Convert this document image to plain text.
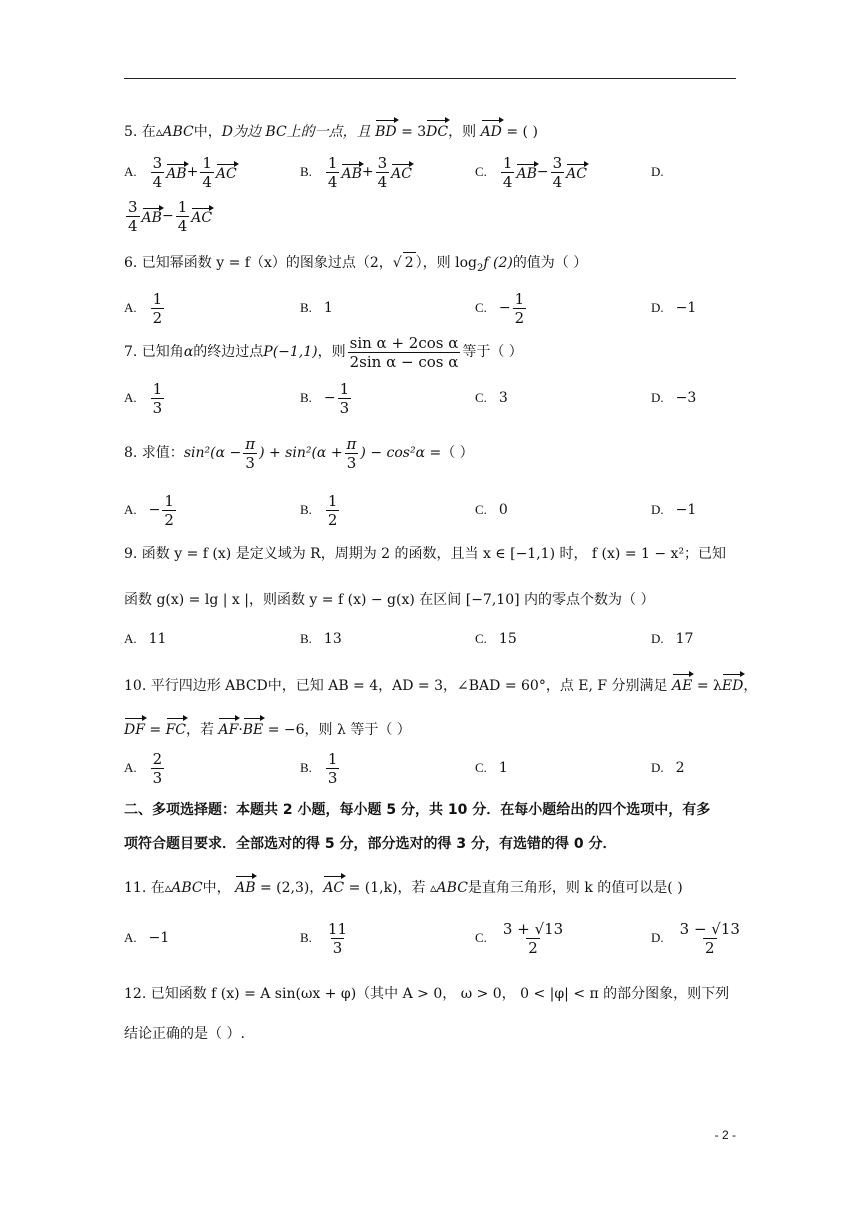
5. 在▵ABC中，D为边 BC上的一点，且 BD = 3DC，则 AD = ( )
A. $\frac{3}{4}$ AB + $\frac{1}{4}$ AC	B. $\frac{1}{4}$ AB + $\frac{3}{4}$ AC	C. $\frac{1}{4}$ AB − $\frac{3}{4}$ AC	D.
$\frac{3}{4}$ AB − $\frac{1}{4}$ AC
6. 已知幂函数 y = f（x）的图象过点（2，√ 2 ），则 $\log_2f$ (2)的值为（ ）
A. $\frac{1}{2}$	B. 1	C. − $\frac{1}{2}$	D. −1
7. 已知角 α 的终边过点 P(−1,1) ，则 $\frac{\text{sin α + 2cos α}}{\text{2sin α − cos α}}$ 等于（ ）
A. $\frac{1}{3}$	B. − $\frac{1}{3}$	C. 3	D. −3
8. 求值： $\sin^2(\alpha - \frac{\pi}{3}$ ) + $\sin^2(\alpha + \frac{\pi}{3}$ ) − cos²α = （ ）
A. − $\frac{1}{2}$	B. $\frac{1}{2}$	C. 0	D. −1
9. 函数 y = f (x) 是定义域为 R，周期为 2 的函数，且当 x ∈ [−1,1) 时， f (x) = 1 − x²；已知
函数 g(x) = lg | x |，则函数 y = f (x) − g(x) 在区间 [−7,10] 内的零点个数为（ ）
A. 11	B. 13	C. 15	D. 17
10. 平行四边形 ABCD中，已知 AB = 4，AD = 3，∠BAD = 60°，点 E, F 分别满足 AE = λED，
DF = FC，若 AF·BE = −6，则 λ 等于（ ）
A. $\frac{2}{3}$	B. $\frac{1}{3}$	C. 1	D. 2
二、多项选择题：本题共 2 小题，每小题 5 分，共 10 分．在每小题给出的四个选项中，有多
项符合题目要求．全部选对的得 5 分，部分选对的得 3 分，有选错的得 0 分．
11. 在▵ABC中， AB = (2,3)，AC = (1,k)，若 ▵ABC是直角三角形，则 k 的值可以是( )
A. −1	B. $\frac{11}{3}$	C. $\frac{3 + √13}{2}$	D. $\frac{3 - √13}{2}$
12. 已知函数 f (x) = A sin(ωx + φ)（其中 A > 0， ω > 0， 0 < |φ| < π 的部分图象，则下列
结论正确的是（ ）.
- 2 -
